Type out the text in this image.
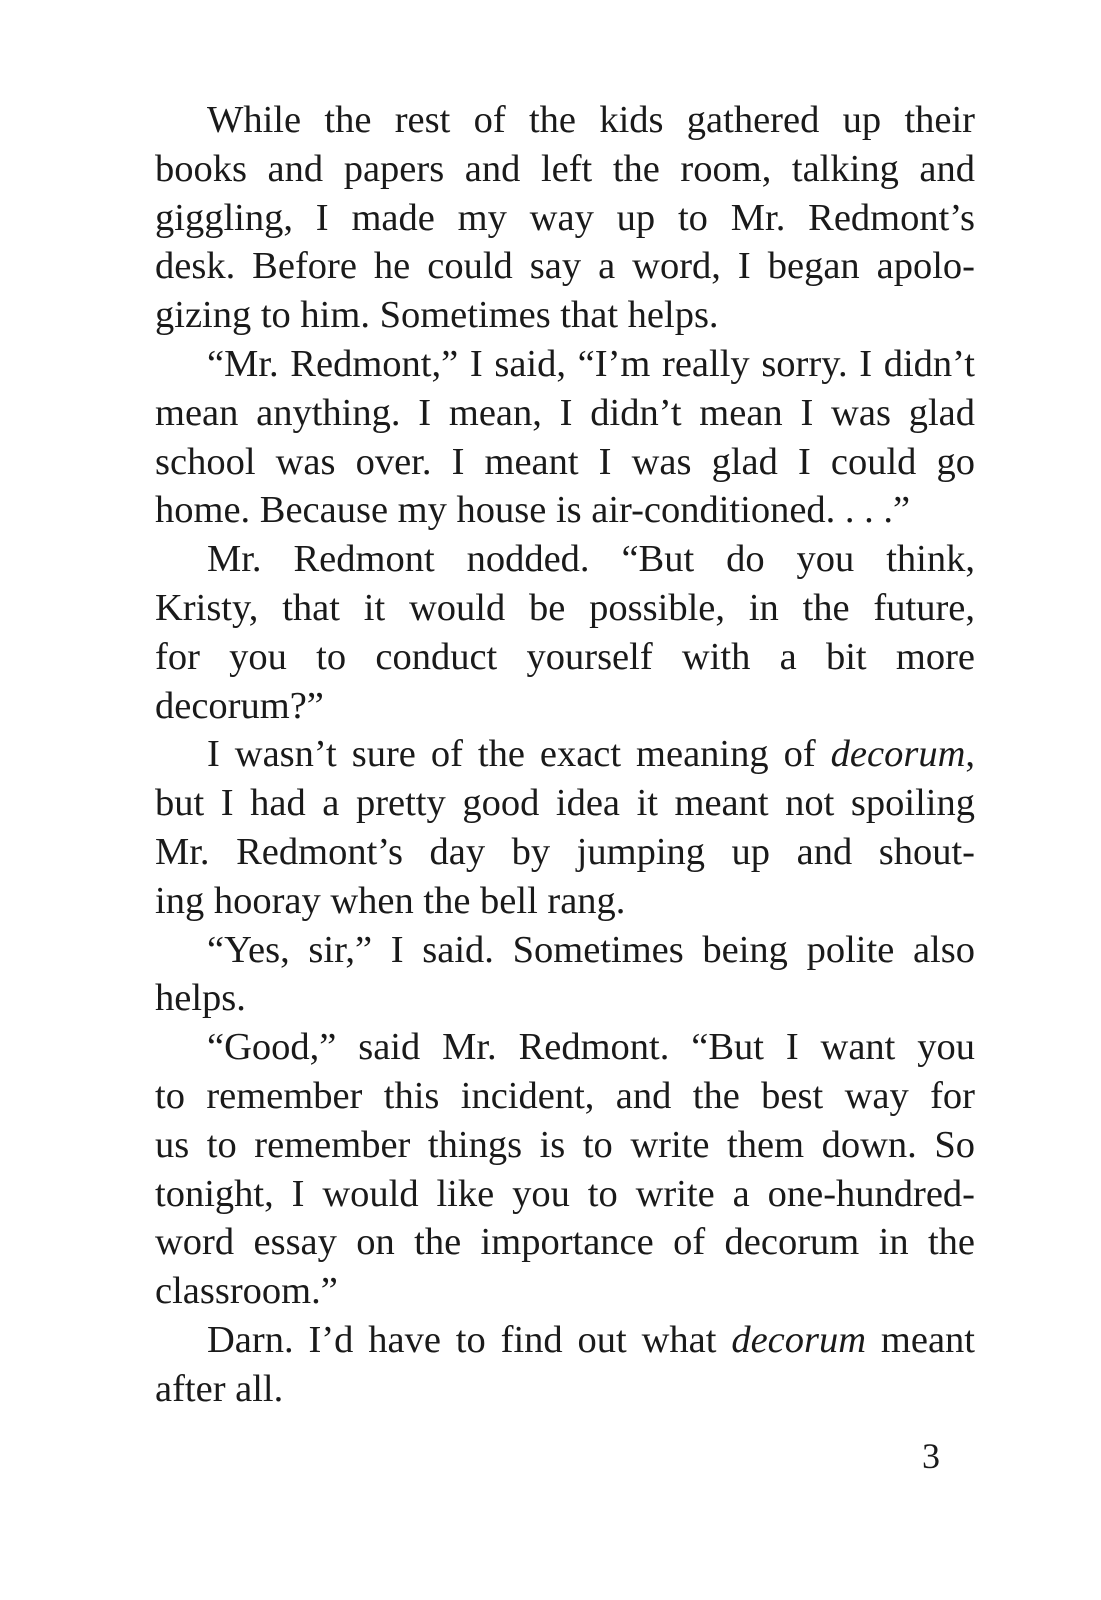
While the rest of the kids gathered up their
books and papers and left the room, talking and
giggling, I made my way up to Mr. Redmont’s
desk. Before he could say a word, I began apolo-
gizing to him. Sometimes that helps.
“Mr. Redmont,” I said, “I’m really sorry. I didn’t
mean anything. I mean, I didn’t mean I was glad
school was over. I meant I was glad I could go
home. Because my house is air-conditioned. . . .”
Mr. Redmont nodded. “But do you think,
Kristy, that it would be possible, in the future,
for you to conduct yourself with a bit more
decorum?”
I wasn’t sure of the exact meaning of decorum,
but I had a pretty good idea it meant not spoiling
Mr. Redmont’s day by jumping up and shout-
ing hooray when the bell rang.
“Yes, sir,” I said. Sometimes being polite also
helps.
“Good,” said Mr. Redmont. “But I want you
to remember this incident, and the best way for
us to remember things is to write them down. So
tonight, I would like you to write a one-hundred-
word essay on the importance of decorum in the
classroom.”
Darn. I’d have to find out what decorum meant
after all.
3
